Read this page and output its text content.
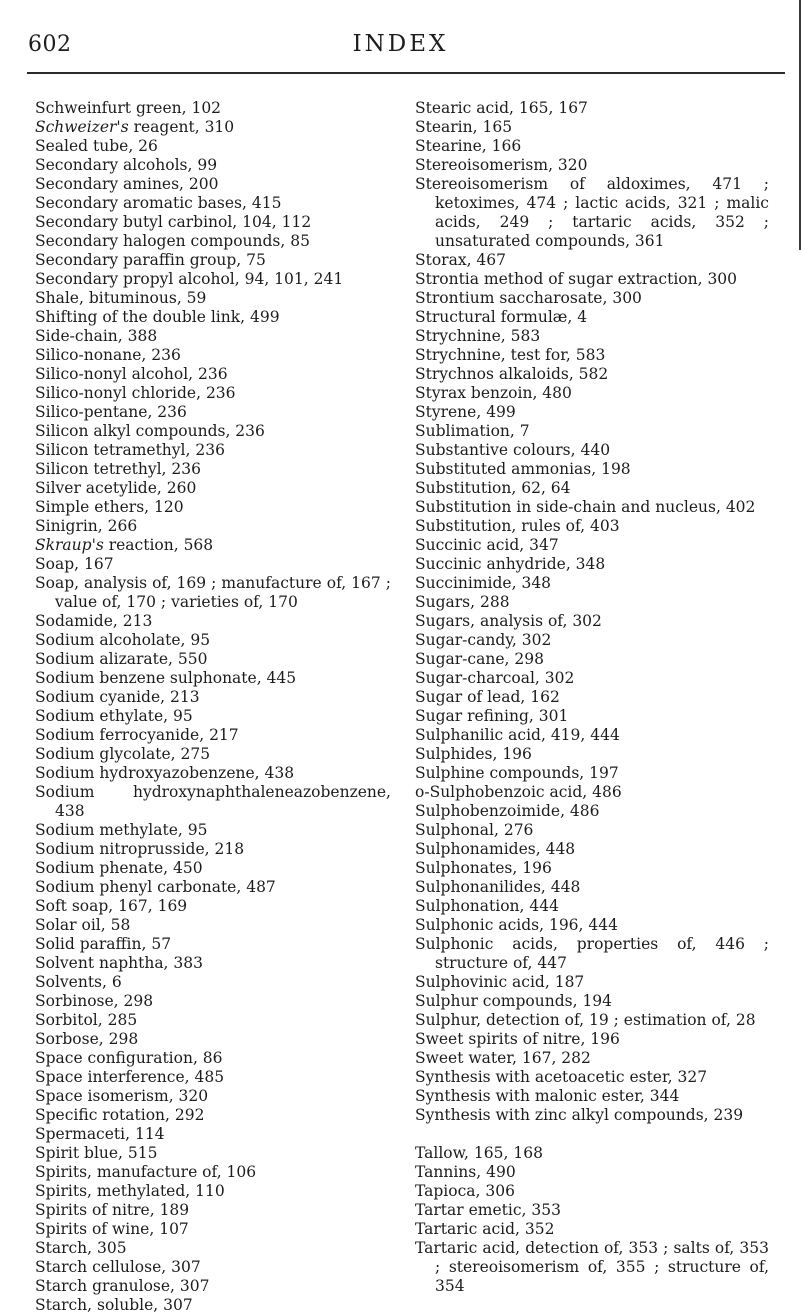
602	INDEX
Schweinfurt green, 102
Schweizer's reagent, 310
Sealed tube, 26
Secondary alcohols, 99
Secondary amines, 200
Secondary aromatic bases, 415
Secondary butyl carbinol, 104, 112
Secondary halogen compounds, 85
Secondary paraffin group, 75
Secondary propyl alcohol, 94, 101, 241
Shale, bituminous, 59
Shifting of the double link, 499
Side-chain, 388
Silico-nonane, 236
Silico-nonyl alcohol, 236
Silico-nonyl chloride, 236
Silico-pentane, 236
Silicon alkyl compounds, 236
Silicon tetramethyl, 236
Silicon tetrethyl, 236
Silver acetylide, 260
Simple ethers, 120
Sinigrin, 266
Skraup's reaction, 568
Soap, 167
Soap, analysis of, 169 ; manufacture of, 167 ; value of, 170 ; varieties of, 170
Sodamide, 213
Sodium alcoholate, 95
Sodium alizarate, 550
Sodium benzene sulphonate, 445
Sodium cyanide, 213
Sodium ethylate, 95
Sodium ferrocyanide, 217
Sodium glycolate, 275
Sodium hydroxyazobenzene, 438
Sodium hydroxynaphthaleneazobenzene, 438
Sodium methylate, 95
Sodium nitroprusside, 218
Sodium phenate, 450
Sodium phenyl carbonate, 487
Soft soap, 167, 169
Solar oil, 58
Solid paraffin, 57
Solvent naphtha, 383
Solvents, 6
Sorbinose, 298
Sorbitol, 285
Sorbose, 298
Space configuration, 86
Space interference, 485
Space isomerism, 320
Specific rotation, 292
Spermaceti, 114
Spirit blue, 515
Spirits, manufacture of, 106
Spirits, methylated, 110
Spirits of nitre, 189
Spirits of wine, 107
Starch, 305
Starch cellulose, 307
Starch granulose, 307
Starch, soluble, 307
Stearic acid, 165, 167
Stearin, 165
Stearine, 166
Stereoisomerism, 320
Stereoisomerism of aldoximes, 471 ; ketoximes, 474 ; lactic acids, 321 ; malic acids, 249 ; tartaric acids, 352 ; unsaturated compounds, 361
Storax, 467
Strontia method of sugar extraction, 300
Strontium saccharosate, 300
Structural formulæ, 4
Strychnine, 583
Strychnine, test for, 583
Strychnos alkaloids, 582
Styrax benzoin, 480
Styrene, 499
Sublimation, 7
Substantive colours, 440
Substituted ammonias, 198
Substitution, 62, 64
Substitution in side-chain and nucleus, 402
Substitution, rules of, 403
Succinic acid, 347
Succinic anhydride, 348
Succinimide, 348
Sugars, 288
Sugars, analysis of, 302
Sugar-candy, 302
Sugar-cane, 298
Sugar-charcoal, 302
Sugar of lead, 162
Sugar refining, 301
Sulphanilic acid, 419, 444
Sulphides, 196
Sulphine compounds, 197
o-Sulphobenzoic acid, 486
Sulphobenzoimide, 486
Sulphonal, 276
Sulphonamides, 448
Sulphonates, 196
Sulphonanilides, 448
Sulphonation, 444
Sulphonic acids, 196, 444
Sulphonic acids, properties of, 446 ; structure of, 447
Sulphovinic acid, 187
Sulphur compounds, 194
Sulphur, detection of, 19 ; estimation of, 28
Sweet spirits of nitre, 196
Sweet water, 167, 282
Synthesis with acetoacetic ester, 327
Synthesis with malonic ester, 344
Synthesis with zinc alkyl compounds, 239
Tallow, 165, 168
Tannins, 490
Tapioca, 306
Tartar emetic, 353
Tartaric acid, 352
Tartaric acid, detection of, 353 ; salts of, 353 ; stereoisomerism of, 355 ; structure of, 354
